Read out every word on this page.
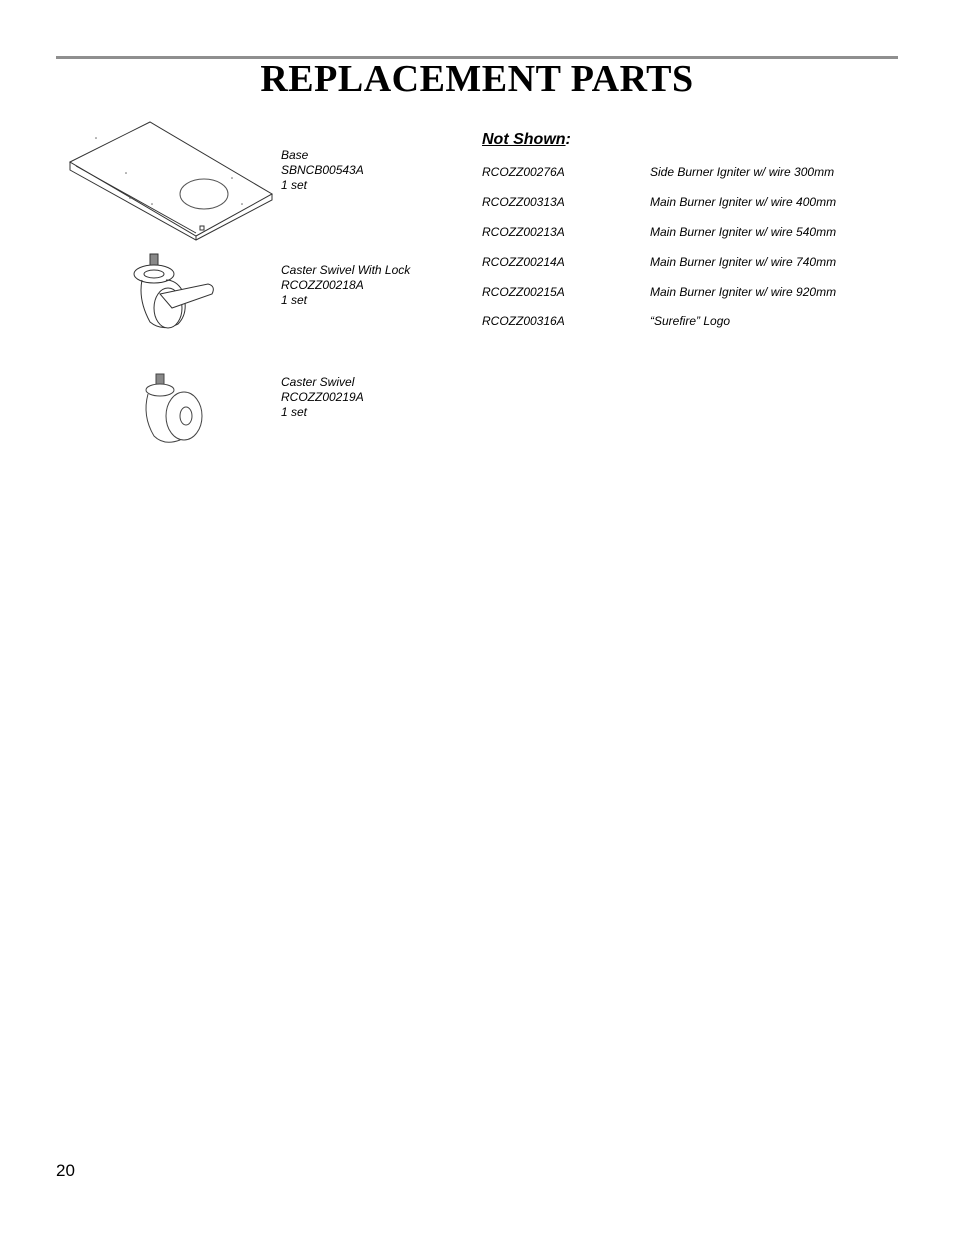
REPLACEMENT PARTS
Base
SBNCB00543A
1 set
Caster Swivel With Lock
RCOZZ00218A
1 set
Caster Swivel
RCOZZ00219A
1 set
Not Shown:
RCOZZ00276A	Side Burner Igniter w/ wire 300mm
RCOZZ00313A	Main Burner Igniter w/ wire 400mm
RCOZZ00213A	Main Burner Igniter w/ wire 540mm
RCOZZ00214A	Main Burner Igniter w/ wire 740mm
RCOZZ00215A	Main Burner Igniter w/ wire 920mm
RCOZZ00316A	“Surefire” Logo
20
